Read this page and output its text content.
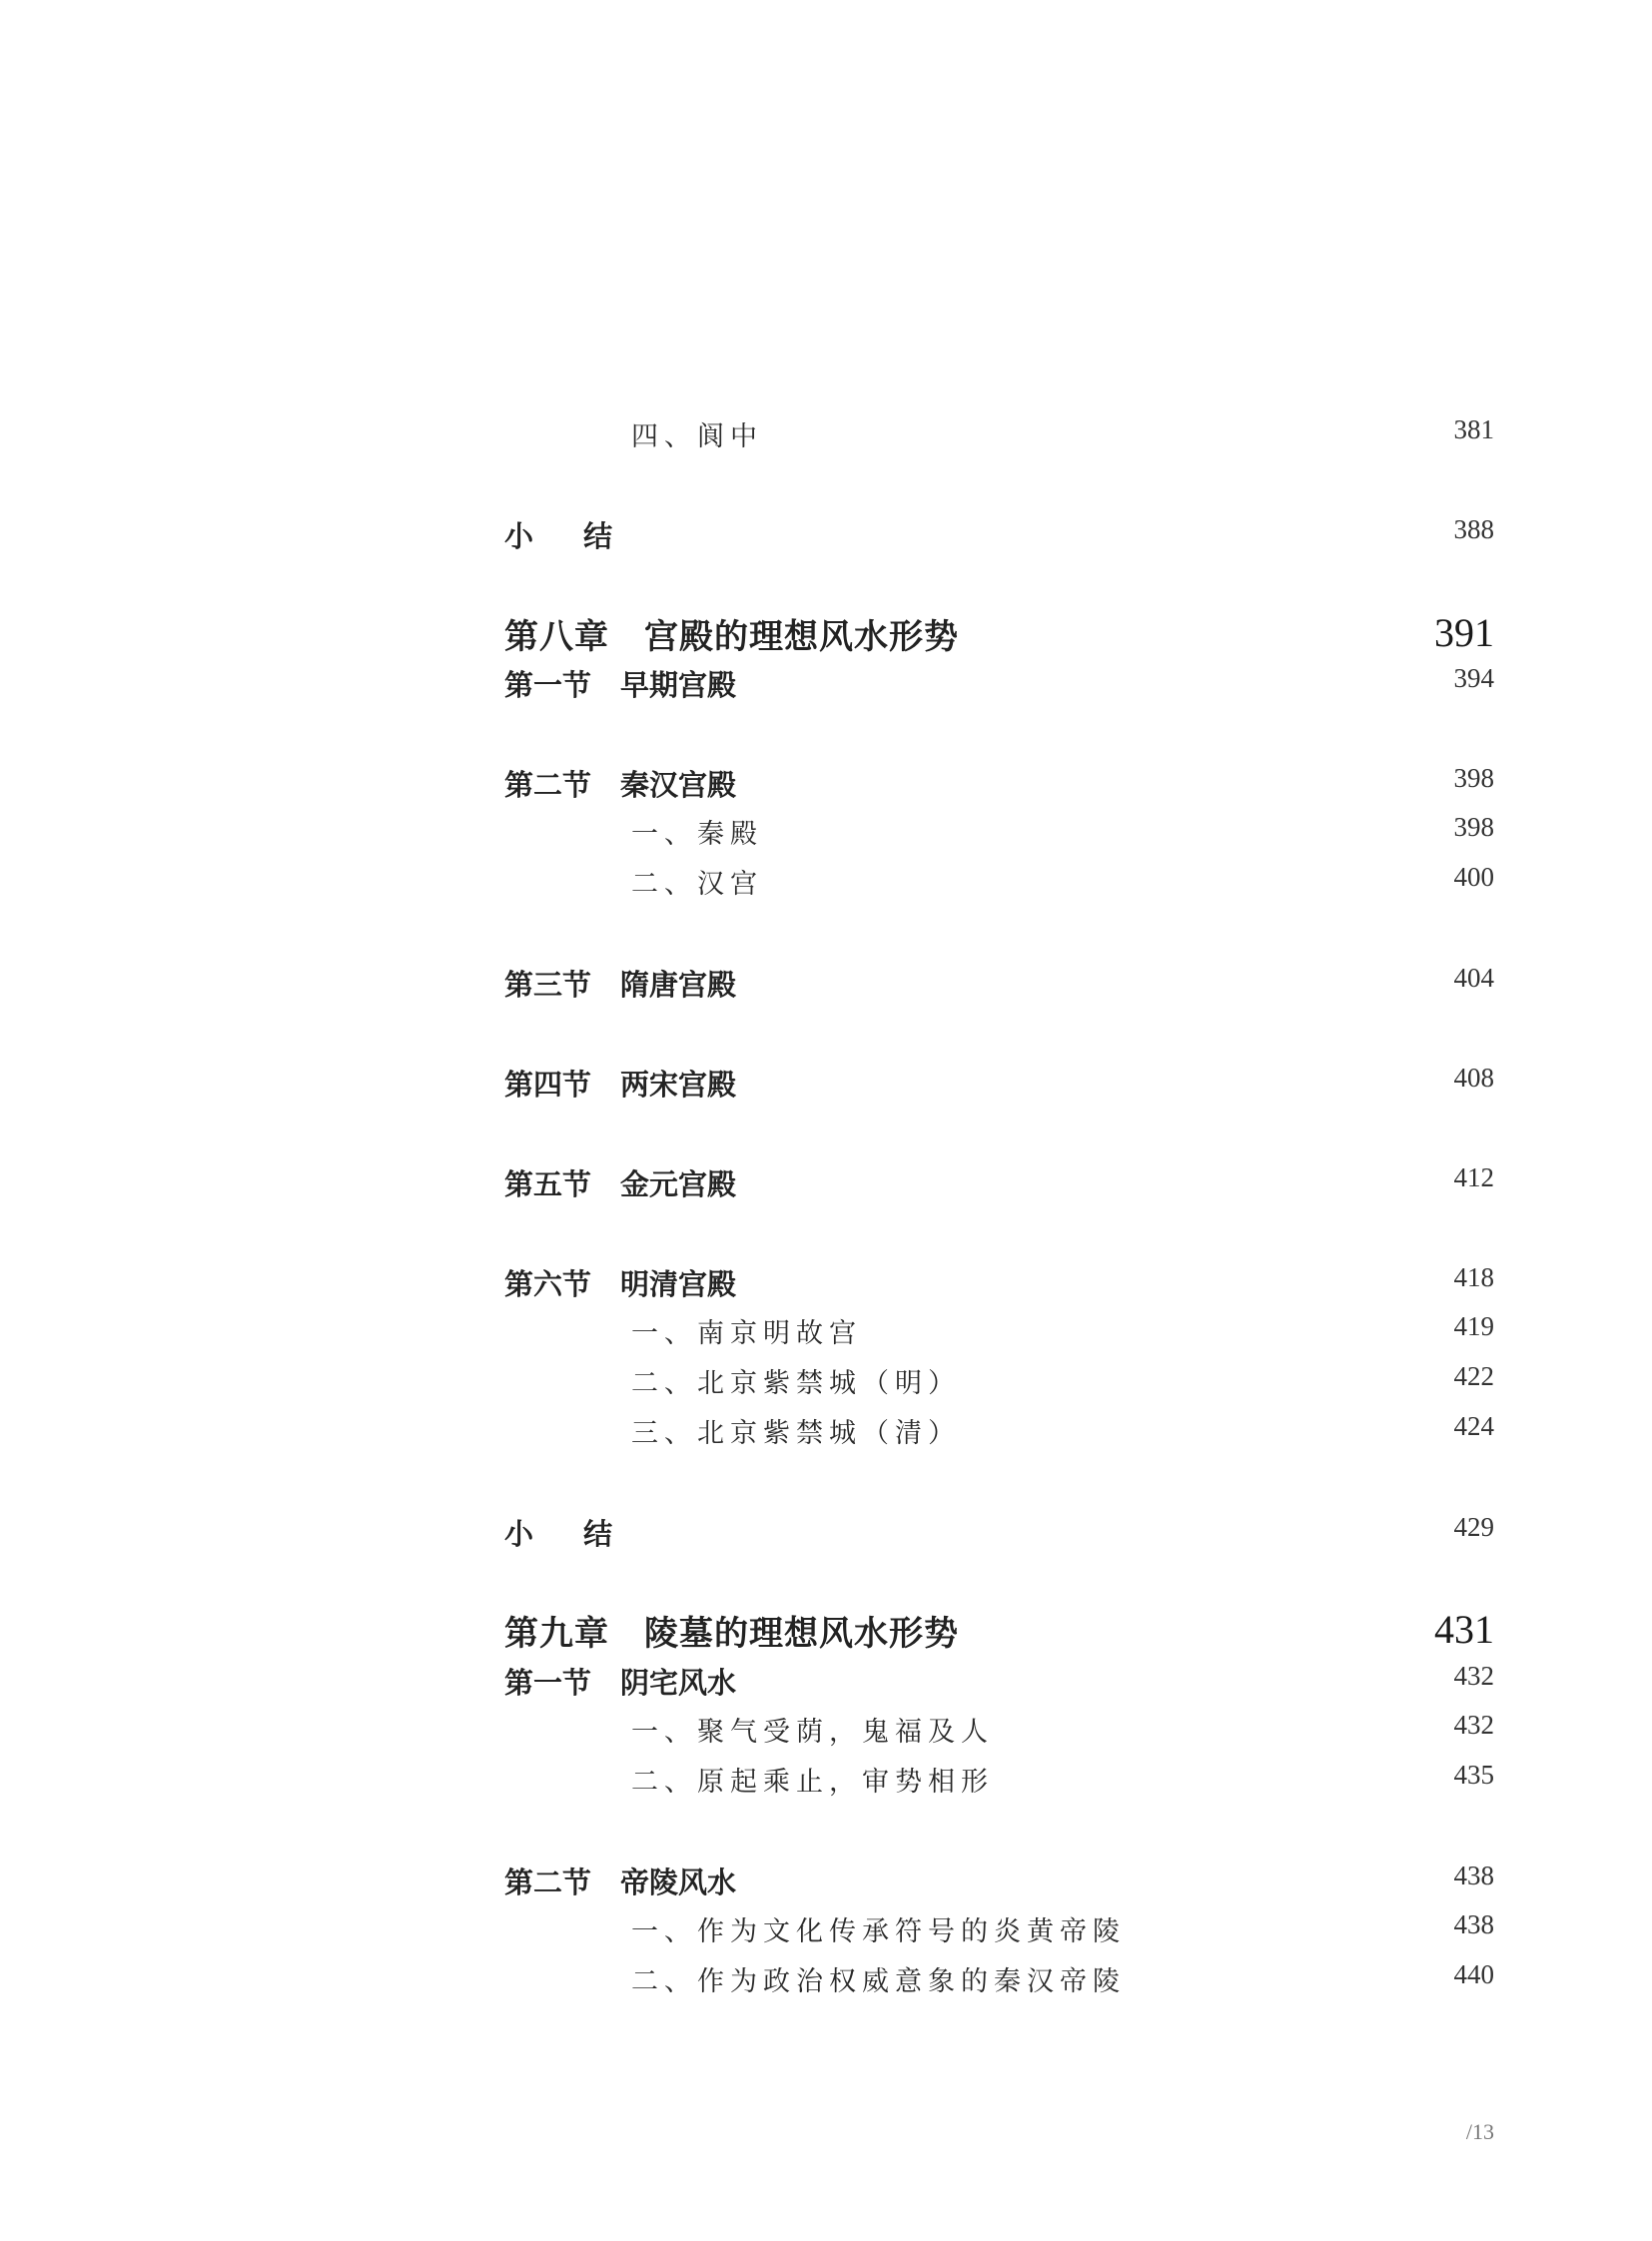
四、阆中	381
小 结	388
第八章　宫殿的理想风水形势	391
第一节　早期宫殿	394
第二节　秦汉宫殿	398
一、秦殿	398
二、汉宫	400
第三节　隋唐宫殿	404
第四节　两宋宫殿	408
第五节　金元宫殿	412
第六节　明清宫殿	418
一、南京明故宫	419
二、北京紫禁城（明）	422
三、北京紫禁城（清）	424
小 结	429
第九章　陵墓的理想风水形势	431
第一节　阴宅风水	432
一、聚气受荫，鬼福及人	432
二、原起乘止，审势相形	435
第二节　帝陵风水	438
一、作为文化传承符号的炎黄帝陵	438
二、作为政治权威意象的秦汉帝陵	440
/13
